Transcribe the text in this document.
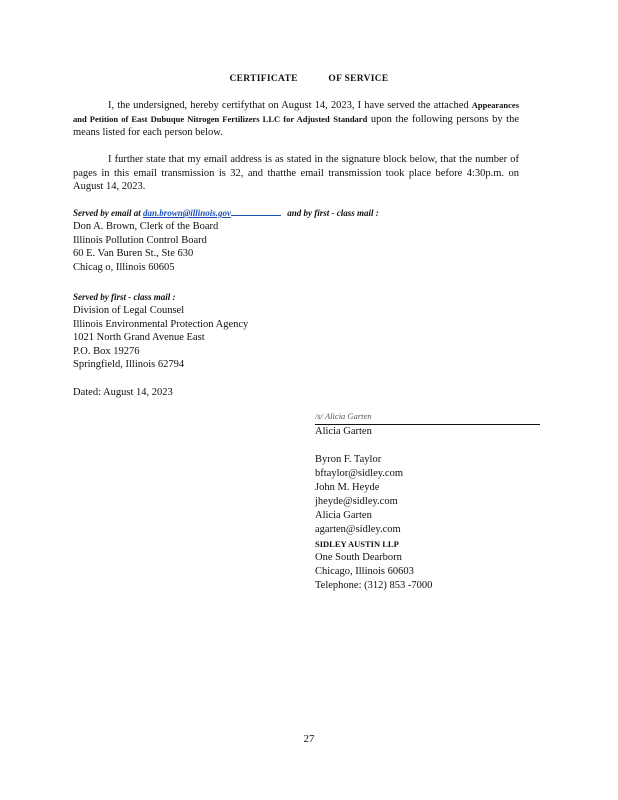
CERTIFICATE	OF SERVICE
I, the undersigned, hereby certifythat on August 14, 2023, I have served the attached Appearances and Petition of East Dubuque Nitrogen Fertilizers LLC for Adjusted Standard upon the following persons by the means listed for each person below.
I further state that my email address is as stated in the signature block below, that the number of pages in this email transmission is 32, and thatthe email transmission took place before 4:30p.m. on August 14, 2023.
Served by email at dan.brown@illinois.gov	and by first - class mail :
Don A. Brown, Clerk of the Board
Illinois Pollution Control Board
60 E. Van Buren St., Ste 630
Chicag o, Illinois 60605
Served by first - class mail :
Division of Legal Counsel
Illinois Environmental Protection Agency
1021 North Grand Avenue East
P.O. Box 19276
Springfield, Illinois 62794
Dated: August 14, 2023
/s/ Alicia Garten
Alicia Garten
Byron F. Taylor
bftaylor@sidley.com
John M. Heyde
jheyde@sidley.com
Alicia Garten
agarten@sidley.com
SIDLEY AUSTIN LLP
One South Dearborn
Chicago, Illinois 60603
Telephone: (312) 853 -7000
27
